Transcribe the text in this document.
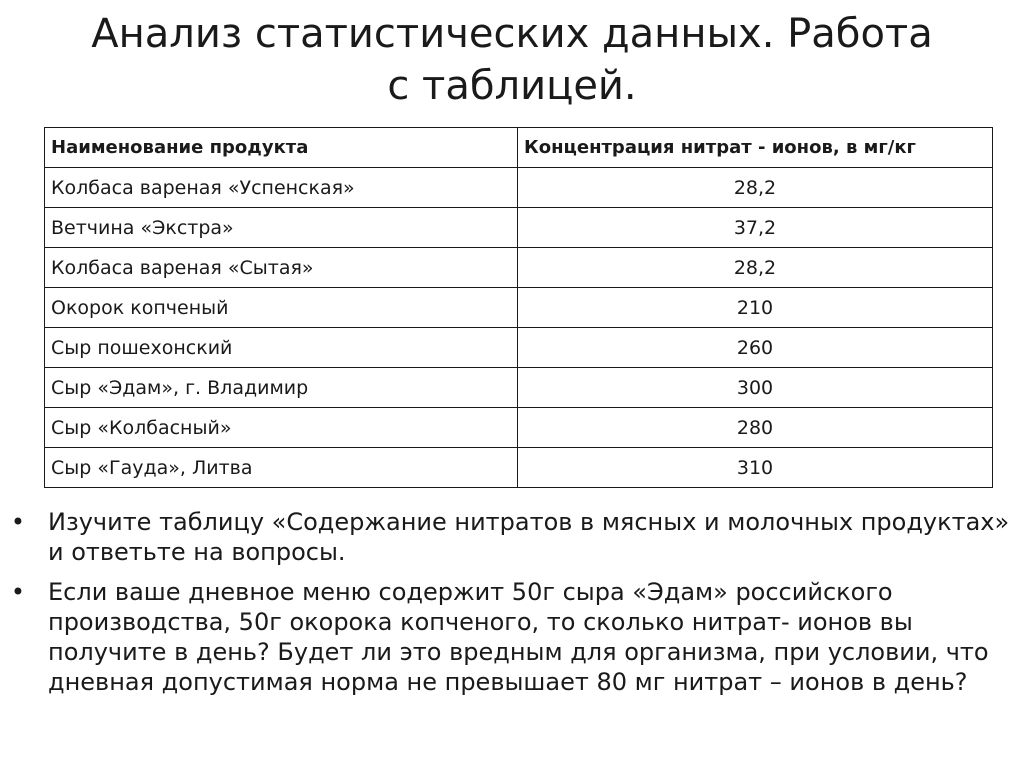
Анализ статистических данных. Работа
с таблицей.
Наименование продукта	Концентрация нитрат - ионов, в мг/кг
Колбаса вареная «Успенская»	28,2
Ветчина «Экстра»	37,2
Колбаса вареная «Сытая»	28,2
Окорок копченый	210
Сыр пошехонский	260
Сыр «Эдам», г. Владимир	300
Сыр «Колбасный»	280
Сыр «Гауда», Литва	310
• Изучите таблицу «Содержание нитратов в мясных и молочных продуктах» и ответьте на вопросы.
• Если ваше дневное меню содержит 50г сыра «Эдам» российского производства, 50г окорока копченого, то сколько нитрат- ионов вы получите в день? Будет ли это вредным для организма, при условии, что дневная допустимая норма не превышает 80 мг нитрат – ионов в день?
